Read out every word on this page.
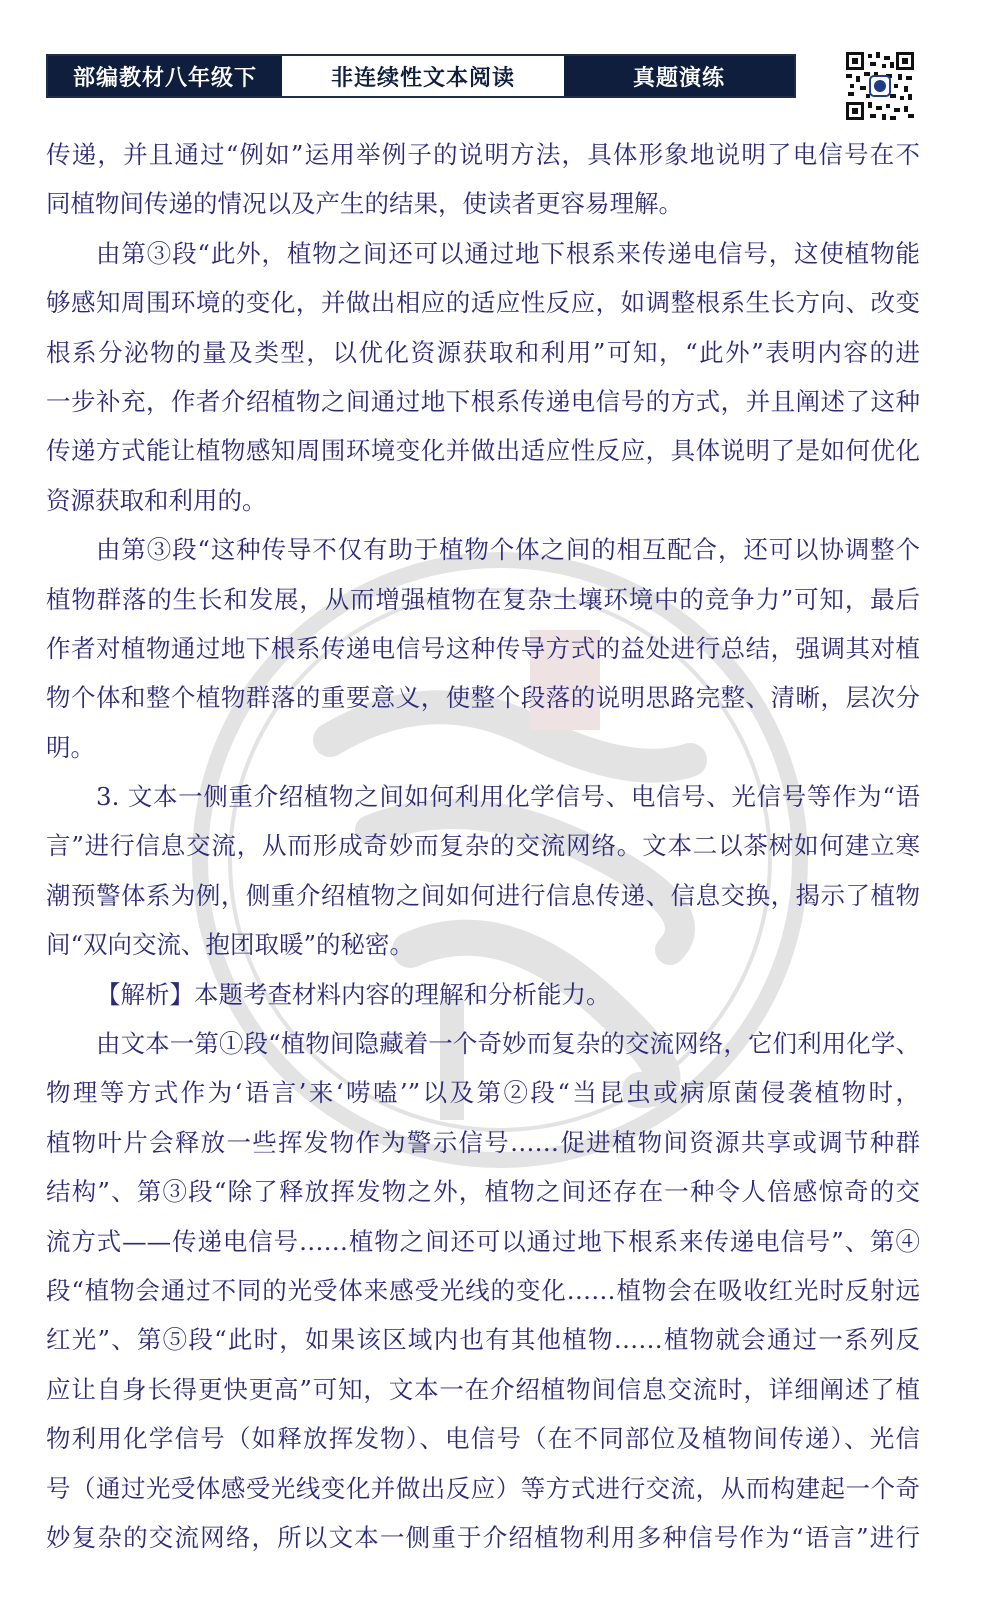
部编教材八年级下	非连续性文本阅读	真题演练
传递，并且通过“例如”运用举例子的说明方法，具体形象地说明了电信号在不
同植物间传递的情况以及产生的结果，使读者更容易理解。
由第③段“此外，植物之间还可以通过地下根系来传递电信号，这使植物能
够感知周围环境的变化，并做出相应的适应性反应，如调整根系生长方向、改变
根系分泌物的量及类型，以优化资源获取和利用”可知，“此外”表明内容的进
一步补充，作者介绍植物之间通过地下根系传递电信号的方式，并且阐述了这种
传递方式能让植物感知周围环境变化并做出适应性反应，具体说明了是如何优化
资源获取和利用的。
由第③段“这种传导不仅有助于植物个体之间的相互配合，还可以协调整个
植物群落的生长和发展，从而增强植物在复杂土壤环境中的竞争力”可知，最后
作者对植物通过地下根系传递电信号这种传导方式的益处进行总结，强调其对植
物个体和整个植物群落的重要意义，使整个段落的说明思路完整、清晰，层次分
明。
3. 文本一侧重介绍植物之间如何利用化学信号、电信号、光信号等作为“语
言”进行信息交流，从而形成奇妙而复杂的交流网络。文本二以茶树如何建立寒
潮预警体系为例，侧重介绍植物之间如何进行信息传递、信息交换，揭示了植物
间“双向交流、抱团取暖”的秘密。
【解析】本题考查材料内容的理解和分析能力。
由文本一第①段“植物间隐藏着一个奇妙而复杂的交流网络，它们利用化学、
物理等方式作为‘语言’来‘唠嗑’”以及第②段“当昆虫或病原菌侵袭植物时，
植物叶片会释放一些挥发物作为警示信号……促进植物间资源共享或调节种群
结构”、第③段“除了释放挥发物之外，植物之间还存在一种令人倍感惊奇的交
流方式——传递电信号……植物之间还可以通过地下根系来传递电信号”、第④
段“植物会通过不同的光受体来感受光线的变化……植物会在吸收红光时反射远
红光”、第⑤段“此时，如果该区域内也有其他植物……植物就会通过一系列反
应让自身长得更快更高”可知，文本一在介绍植物间信息交流时，详细阐述了植
物利用化学信号（如释放挥发物）、电信号（在不同部位及植物间传递）、光信
号（通过光受体感受光线变化并做出反应）等方式进行交流，从而构建起一个奇
妙复杂的交流网络，所以文本一侧重于介绍植物利用多种信号作为“语言”进行
